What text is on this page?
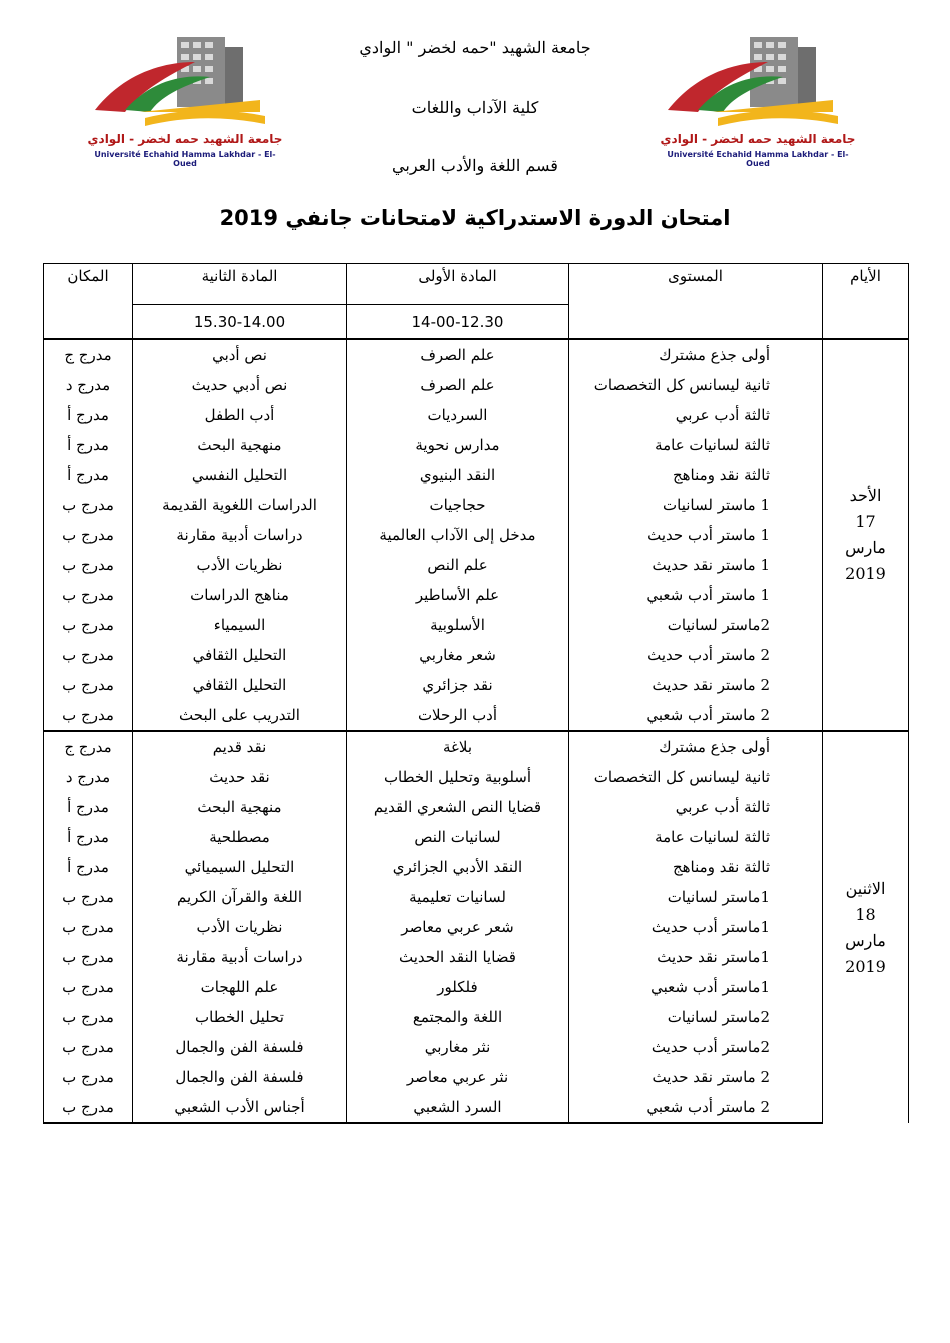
جامعة الشهيد حمه لخضر - الوادي
Université Echahid Hamma Lakhdar - El-Oued
جامعة الشهيد حمه لخضر - الوادي
Université Echahid Hamma Lakhdar - El-Oued
جامعة الشهيد "حمه لخضر " الوادي
كلية الآداب واللغات
قسم اللغة والأدب العربي
امتحان الدورة الاستدراكية لامتحانات جانفي 2019
الأيام	المستوى	المادة الأولى	المادة الثانية	المكان
		14-00-12.30	15.30-14.00	

الأحد
17
مارس
2019	أولى جذع مشترك	علم الصرف	نص أدبي	مدرج ج
	ثانية ليسانس كل التخصصات	علم الصرف	نص أدبي حديث	مدرج د
	ثالثة أدب عربي	السرديات	أدب الطفل	مدرج أ
	ثالثة لسانيات عامة	مدارس نحوية	منهجية البحث	مدرج أ
	ثالثة نقد ومناهج	النقد البنيوي	التحليل النفسي	مدرج أ
	1 ماستر لسانيات	حجاجيات	الدراسات اللغوية القديمة	مدرج ب
	1 ماستر أدب حديث	مدخل إلى الآداب العالمية	دراسات أدبية مقارنة	مدرج ب
	1 ماستر نقد حديث	علم النص	نظريات الأدب	مدرج ب
	1 ماستر أدب شعبي	علم الأساطير	مناهج الدراسات	مدرج ب
	2ماستر لسانيات	الأسلوبية	السيمياء	مدرج ب
	2 ماستر أدب حديث	شعر مغاربي	التحليل الثقافي	مدرج ب
	2 ماستر نقد حديث	نقد جزائري	التحليل الثقافي	مدرج ب
	2 ماستر أدب شعبي	أدب الرحلات	التدريب على البحث	مدرج ب

الاثنين
18
مارس
2019	أولى جذع مشترك	بلاغة	نقد قديم	مدرج ج
	ثانية ليسانس كل التخصصات	أسلوبية وتحليل الخطاب	نقد حديث	مدرج د
	ثالثة أدب عربي	قضايا النص الشعري القديم	منهجية البحث	مدرج أ
	ثالثة لسانيات عامة	لسانيات النص	مصطلحية	مدرج أ
	ثالثة نقد ومناهج	النقد الأدبي الجزائري	التحليل السيميائي	مدرج أ
	1ماستر لسانيات	لسانيات تعليمية	اللغة والقرآن الكريم	مدرج ب
	1ماستر أدب حديث	شعر عربي معاصر	نظريات الأدب	مدرج ب
	1ماستر نقد حديث	قضايا النقد الحديث	دراسات أدبية مقارنة	مدرج ب
	1ماستر أدب شعبي	فلكلور	علم اللهجات	مدرج ب
	2ماستر لسانيات	اللغة والمجتمع	تحليل الخطاب	مدرج ب
	2ماستر أدب حديث	نثر مغاربي	فلسفة الفن والجمال	مدرج ب
	2 ماستر نقد حديث	نثر عربي معاصر	فلسفة الفن والجمال	مدرج ب
	2 ماستر أدب شعبي	السرد الشعبي	أجناس الأدب الشعبي	مدرج ب
